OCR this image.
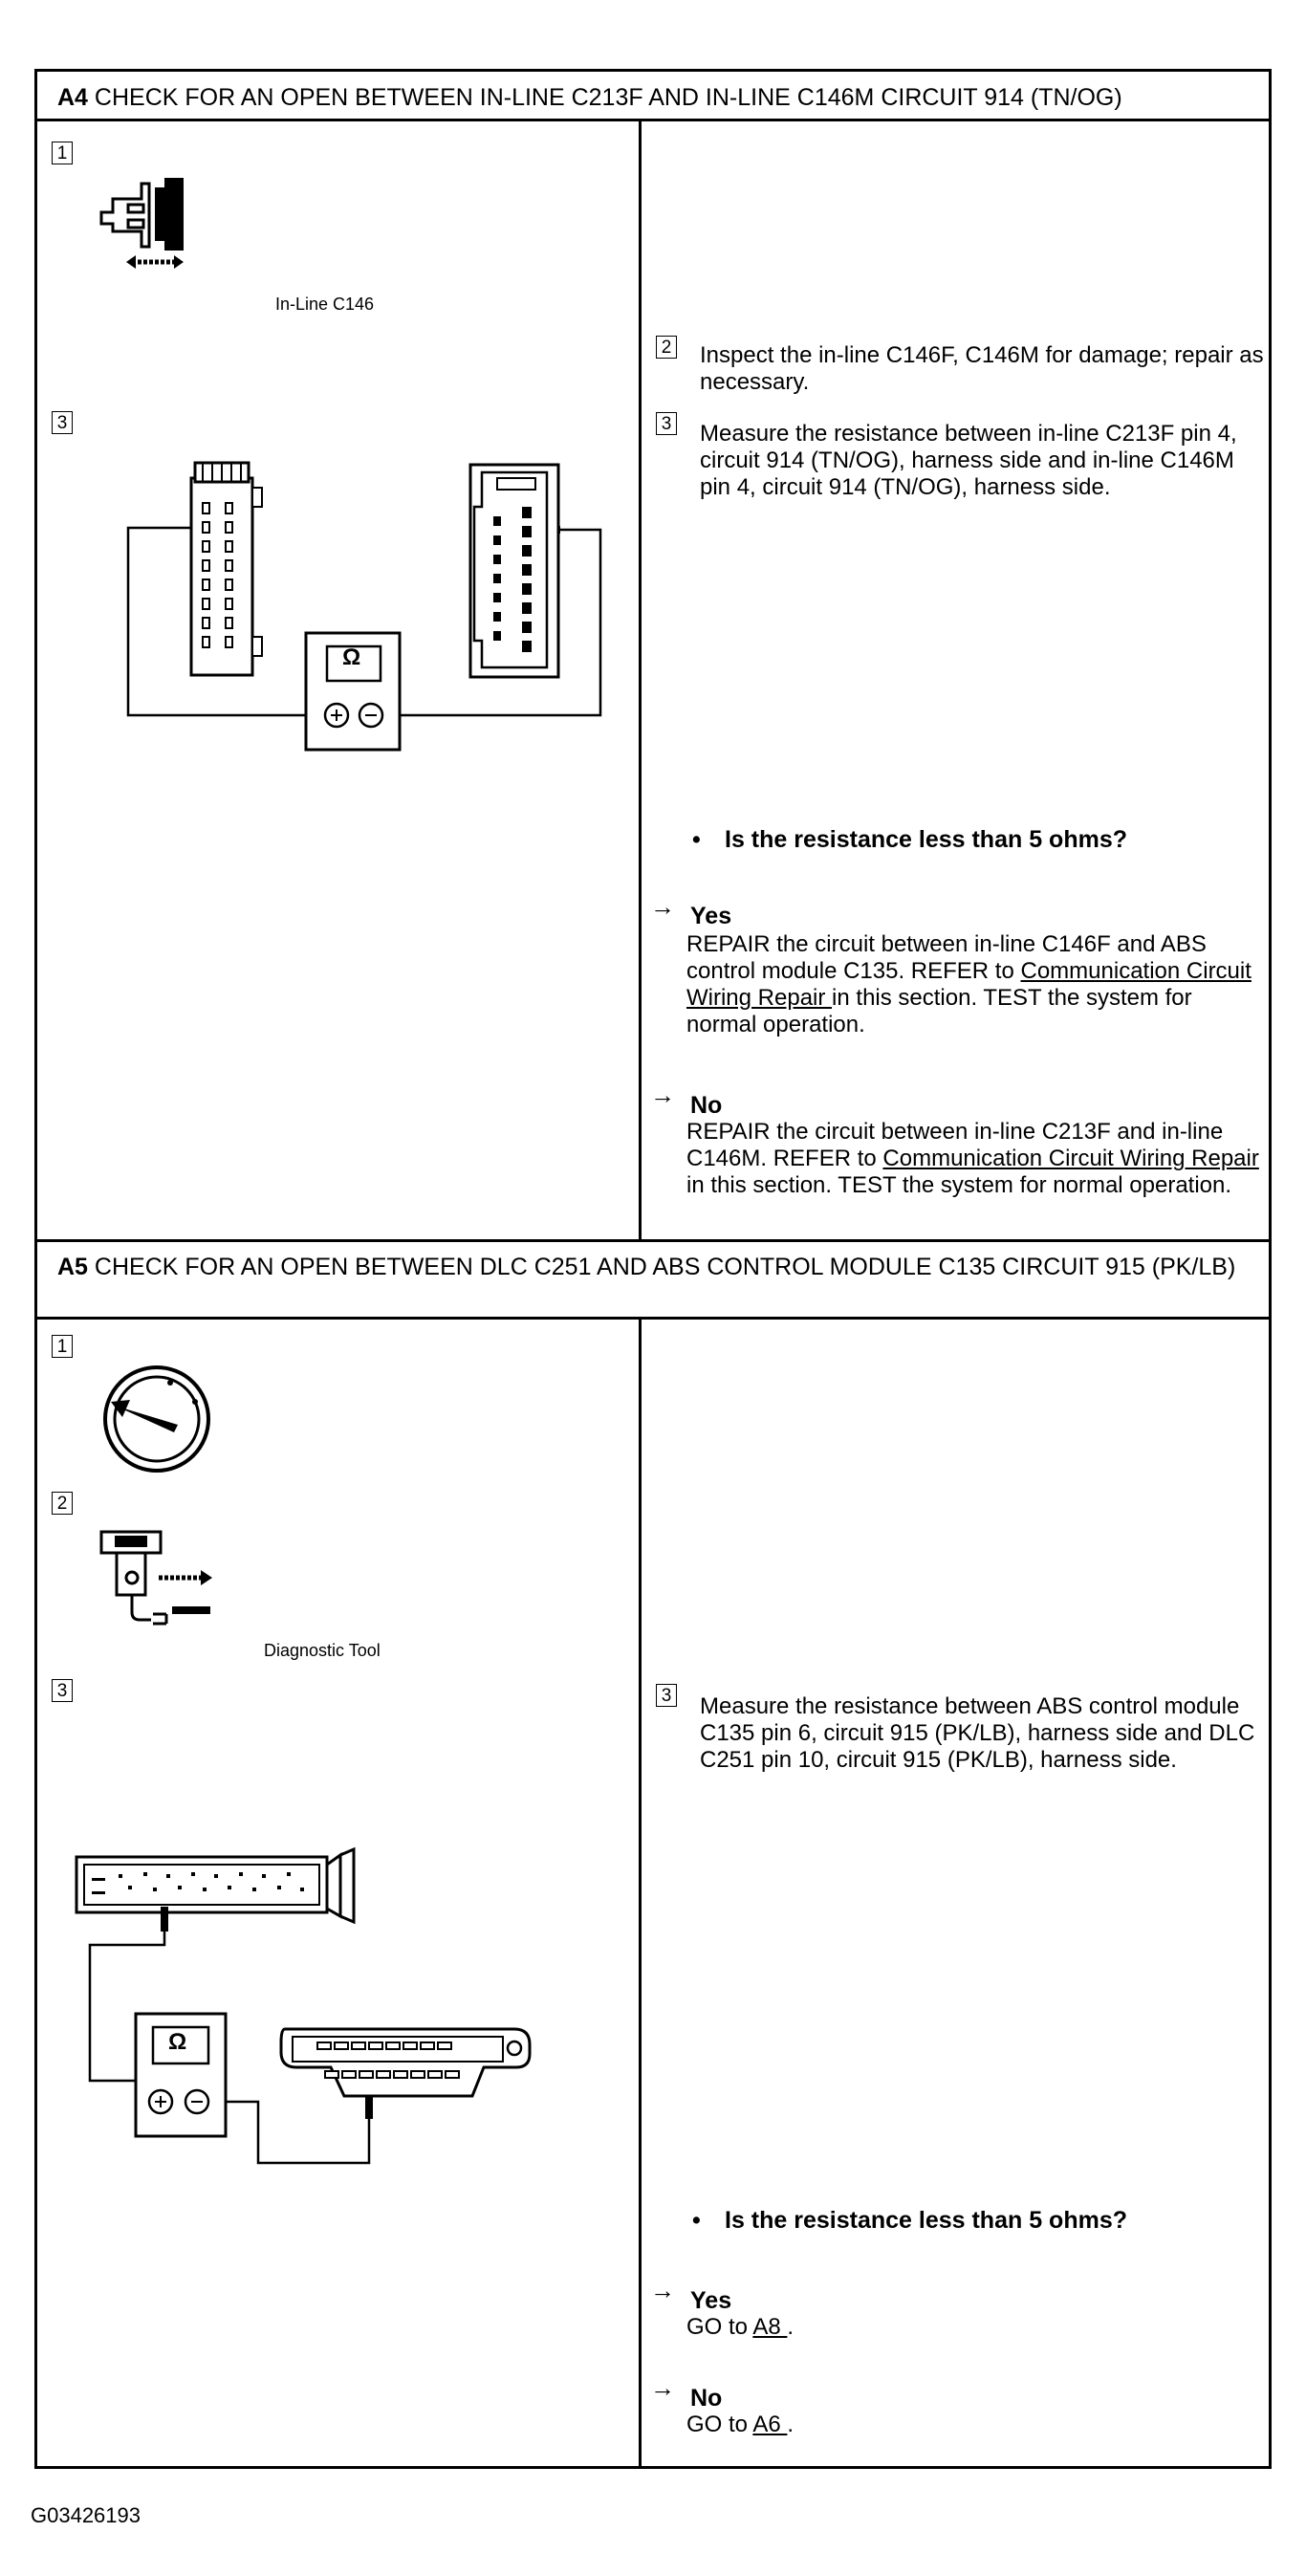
A4 CHECK FOR AN OPEN BETWEEN IN-LINE C213F AND IN-LINE C146M CIRCUIT 914 (TN/OG)
1
In-Line C146
3
Ω
2 Inspect the in-line C146F, C146M for damage; repair as necessary.
3 Measure the resistance between in-line C213F pin 4, circuit 914 (TN/OG), harness side and in-line C146M pin 4, circuit 914 (TN/OG), harness side.
• Is the resistance less than 5 ohms?
→ Yes
REPAIR the circuit between in-line C146F and ABS control module C135. REFER to Communication Circuit Wiring Repair in this section. TEST the system for normal operation.
→ No
REPAIR the circuit between in-line C213F and in-line C146M. REFER to Communication Circuit Wiring Repair in this section. TEST the system for normal operation.
A5 CHECK FOR AN OPEN BETWEEN DLC C251 AND ABS CONTROL MODULE C135 CIRCUIT 915 (PK/LB)
1
2
Diagnostic Tool
3
Ω
3 Measure the resistance between ABS control module C135 pin 6, circuit 915 (PK/LB), harness side and DLC C251 pin 10, circuit 915 (PK/LB), harness side.
• Is the resistance less than 5 ohms?
→ Yes
GO to A8 .
→ No
GO to A6 .
G03426193
